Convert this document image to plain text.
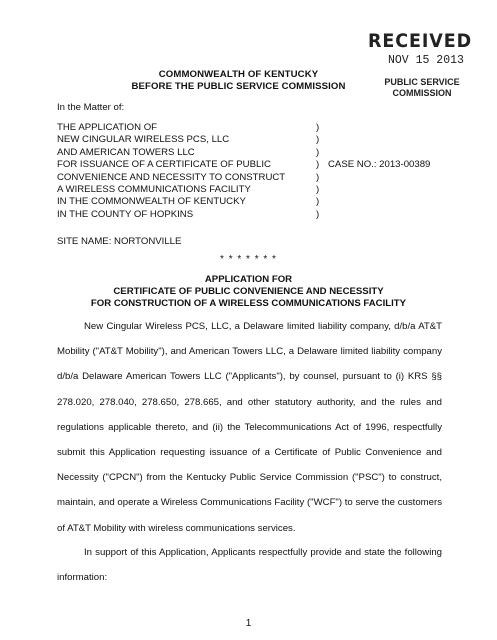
RECEIVED
NOV 15 2013
PUBLIC SERVICE
COMMISSION
COMMONWEALTH OF KENTUCKY
BEFORE THE PUBLIC SERVICE COMMISSION
In the Matter of:
THE APPLICATION OF
NEW CINGULAR WIRELESS PCS, LLC
AND AMERICAN TOWERS LLC
FOR ISSUANCE OF A CERTIFICATE OF PUBLIC
CONVENIENCE AND NECESSITY TO CONSTRUCT
A WIRELESS COMMUNICATIONS FACILITY
IN THE COMMONWEALTH OF KENTUCKY
IN THE COUNTY OF HOPKINS
)
)
)
)
)
)
)
)
CASE NO.: 2013-00389
SITE NAME: NORTONVILLE
* * * * * * *
APPLICATION FOR
CERTIFICATE OF PUBLIC CONVENIENCE AND NECESSITY
FOR CONSTRUCTION OF A WIRELESS COMMUNICATIONS FACILITY
New Cingular Wireless PCS, LLC, a Delaware limited liability company, d/b/a AT&T
Mobility ("AT&T Mobility"), and American Towers LLC, a Delaware limited liability company
d/b/a Delaware American Towers LLC ("Applicants"), by counsel, pursuant to (i) KRS §§
278.020, 278.040, 278.650, 278.665, and other statutory authority, and the rules and
regulations applicable thereto, and (ii) the Telecommunications Act of 1996, respectfully
submit this Application requesting issuance of a Certificate of Public Convenience and
Necessity ("CPCN") from the Kentucky Public Service Commission ("PSC") to construct,
maintain, and operate a Wireless Communications Facility ("WCF") to serve the customers
of AT&T Mobility with wireless communications services.
In support of this Application, Applicants respectfully provide and state the following
information:
1
